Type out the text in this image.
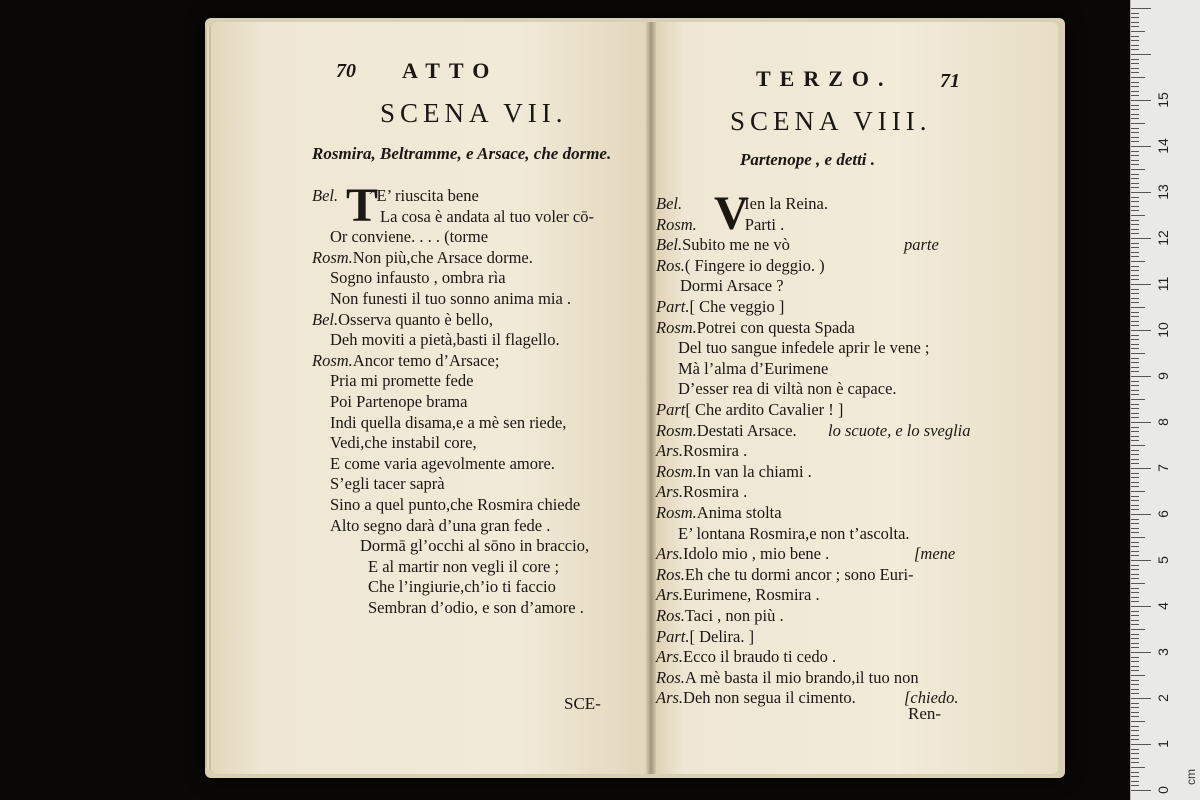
70 ATTO
SCENA VII.
Rosmira, Beltramme, e Arsace, che dorme.
T
SCE-
Bel. ’ E’ riuscita bene
La cosa è andata al tuo voler cō-
Or conviene. . . . (torme
Rosm.Non più,che Arsace dorme.
Sogno infausto , ombra rìa
Non funesti il tuo sonno anima mia .
Bel.Osserva quanto è bello,
Deh moviti a pietà,basti il flagello.
Rosm.Ancor temo d’Arsace;
Pria mi promette fede
Poi Partenope brama
Indi quella disama,e a mè sen riede,
Vedi,che instabil core,
E come varia agevolmente amore.
S’egli tacer saprà
Sino a quel punto,che Rosmira chiede
Alto segno darà d’una gran fede .
Dormā gl’occhi al sōno in braccio,
E al martir non vegli il core ;
Che l’ingiurie,ch’io ti faccio
Sembran d’odio, e son d’amore .
TERZO. 71
SCENA VIII.
Partenope , e detti .
V
Ren-
Bel.	Ien la Reina.
Rosm.	Parti .
Bel.Subito me ne vò	parte
Ros.( Fingere io deggio. )
Dormi Arsace ?
Part.[ Che veggio ]
Rosm.Potrei con questa Spada
Del tuo sangue infedele aprir le vene ;
Mà l’alma d’Eurimene
D’esser rea di viltà non è capace.
Part[ Che ardito Cavalier ! ]
Rosm.Destati Arsace. lo scuote, e lo sveglia
Ars.Rosmira .
Rosm.In van la chiami .
Ars.Rosmira .
Rosm.Anima stolta
E’ lontana Rosmira,e non t’ascolta.
Ars.Idolo mio , mio bene .	[mene
Ros.Eh che tu dormi ancor ; sono Euri-
Ars.Eurimene, Rosmira .
Ros.Taci , non più .
Part.[ Delira. ]
Ars.Ecco il braudo ti cedo .
Ros.A mè basta il mio brando,il tuo non
Ars.Deh non segua il cimento.	[chiedo.
15
14
13
12
11
10
9
8
7
6
5
4
3
2
1
0
cm
